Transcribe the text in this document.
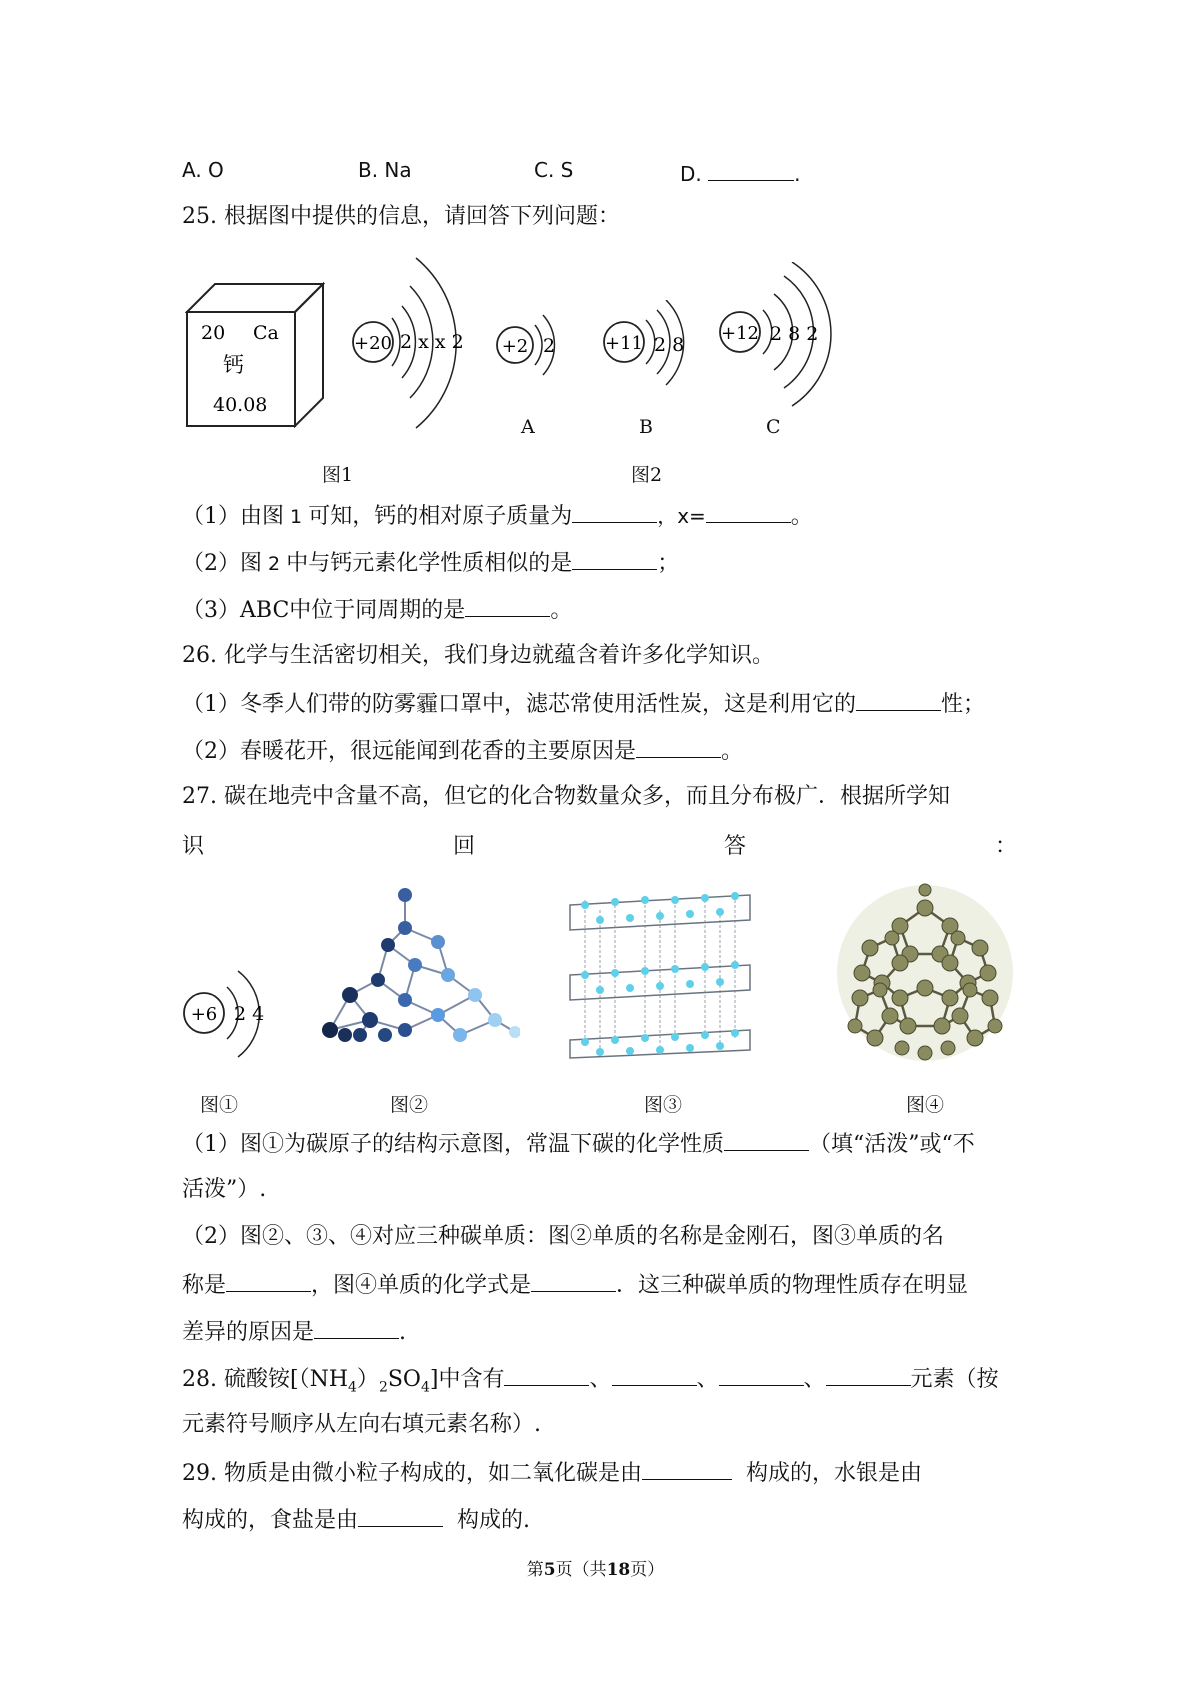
A. O	B. Na	C. S	D.	.
25. 根据图中提供的信息，请回答下列问题：
20 Ca
钙
40.08
图1
+20 2 x x 2 +2 2
A
+11 2 8
B
+12 2 8 2
C
图2
（1）由图 1 可知，钙的相对原子质量为	，x=	。
（2）图 2 中与钙元素化学性质相似的是	；
（3）ABC中位于同周期的是	。
26. 化学与生活密切相关，我们身边就蕴含着许多化学知识。
（1）冬季人们带的防雾霾口罩中，滤芯常使用活性炭，这是利用它的	性；
（2）春暖花开，很远能闻到花香的主要原因是	。
27. 碳在地壳中含量不高，但它的化合物数量众多，而且分布极广．根据所学知
识	回	答	：
+6 2 4
图①	图②	图③	图④
（1）图①为碳原子的结构示意图，常温下碳的化学性质	（填“活泼”或“不
活泼”）.
（2）图②、③、④对应三种碳单质：图②单质的名称是金刚石，图③单质的名
称是	，图④单质的化学式是	．这三种碳单质的物理性质存在明显
差异的原因是	.
28. 硫酸铵$[(NH_4)_2SO_4]$中含有	、	、	、	元素（按
元素符号顺序从左向右填元素名称）.
29. 物质是由微小粒子构成的，如二氧化碳是由	构成的，水银是由
构成的，食盐是由	构成的.
第5页（共18页）
